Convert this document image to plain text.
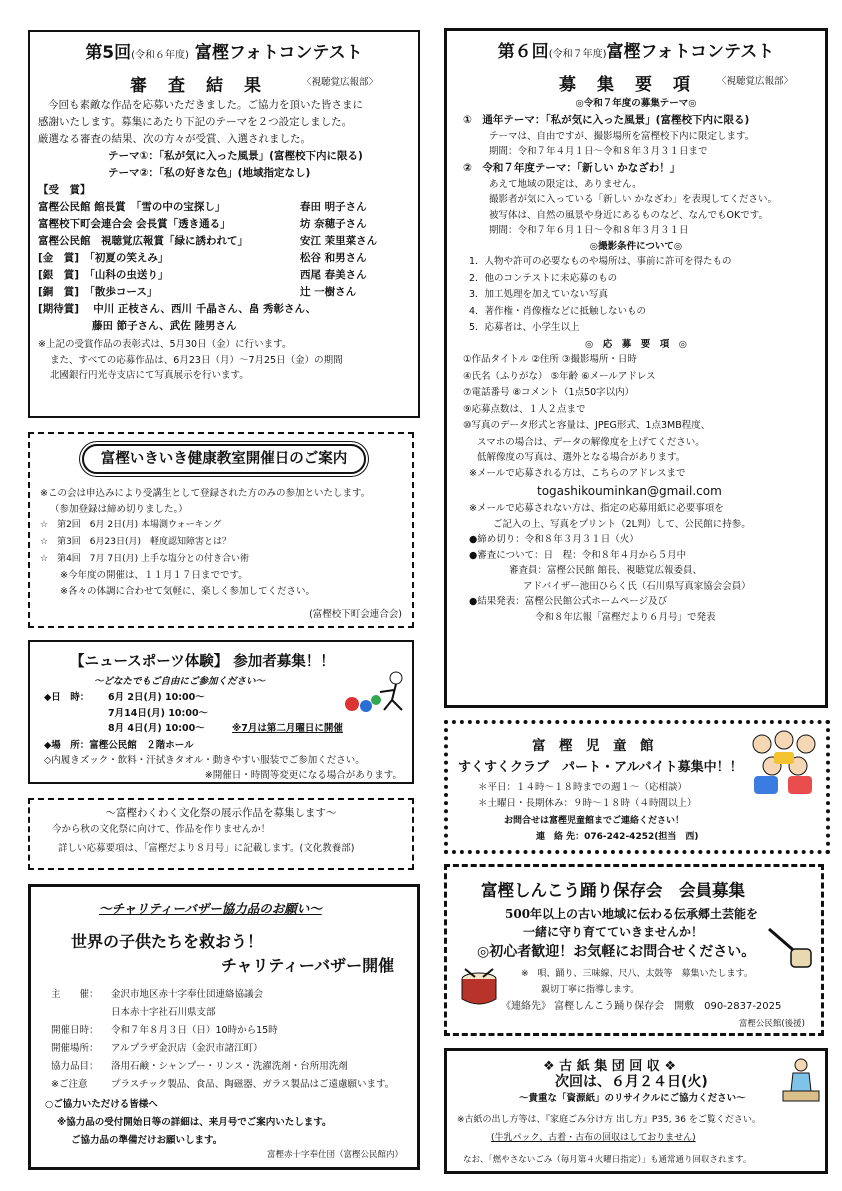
第5回(令和６年度) 富樫フォトコンテスト
審　査　結　果	〈視聴覚広報部〉
今回も素敵な作品を応募いただきました。ご協力を頂いた皆さまに
感謝いたします。募集にあたり下記のテーマを２つ設定しました。
厳選なる審査の結果、次の方々が受賞、入選されました。
テーマ①：「私が気に入った風景」(富樫校下内に限る)
テーマ②：「私の好きな色」(地域指定なし)
【受　賞】
富樫公民館 館長賞　「雪の中の宝探し」	春田 明子さん
富樫校下町会連合会 会長賞「透き通る」	坊 奈穂子さん
富樫公民館　視聴覚広報賞「緑に誘われて」	安江 茉里菜さん
[金　賞]　「初夏の笑えみ」	松谷 和男さん
[銀　賞]　「山科の虫送り」	西尾 春美さん
[銅　賞]　「散歩コース」	辻 一樹さん
[期待賞]　 中川 正枝さん、西川 千晶さん、畠 秀彰さん、
藤田 節子さん、武佐 陸男さん
※上記の受賞作品の表彰式は、5月30日（金）に行います。
また、すべての応募作品は、6月23日（月）〜7月25日（金）の期間
北國銀行円光寺支店にて写真展示を行います。
富樫いきいき健康教室開催日のご案内
※この会は申込みにより受講生として登録された方のみの参加といたします。
（参加登録は締め切りました。）
☆　第2回　6月 2日(月) 本場測ウォーキング
☆　第3回　6月23日(月)　軽度認知障害とは？
☆　第4回　7月 7日(月) 上手な塩分との付き合い術
※今年度の開催は、１１月１７日までです。
※各々の体調に合わせて気軽に、楽しく参加してください。
(富樫校下町会連合会)
【ニュースポーツ体験】 参加者募集！！
〜どなたでもご自由にご参加ください〜
◆日　時： 6月 2日(月) 10:00〜
7月14日(月) 10:00〜
8月 4日(月) 10:00〜	※7月は第二月曜日に開催
◆場　所：富樫公民館　２階ホール
◇内履きズック・飲料・汗拭きタオル・動きやすい服装でご参加ください。
※開催日・時間等変更になる場合があります。
〜富樫わくわく文化祭の展示作品を募集します〜
今から秋の文化祭に向けて、作品を作りませんか！
詳しい応募要項は、「富樫だより８月号」に記載します。(文化教養部)
〜チャリティーバザー協力品のお願い〜
世界の子供たちを救おう！
チャリティーバザー開催
主　　催： 金沢市地区赤十字奉仕団連絡協議会
日本赤十字社石川県支部
開催日時： 令和７年８月３日（日）10時から15時
開催場所： アルプラザ金沢店（金沢市諸江町）
協力品目： 洛用石鹸・シャンプー・リンス・洗濯洗剤・台所用洗剤
※ご注意 プラスチック製品、食品、陶磁器、ガラス製品はご遠慮願います。
○ご協力いただける皆様へ
※協力品の受付開始日等の詳細は、来月号でご案内いたします。
ご協力品の準備だけお願いします。
富樫赤十字奉仕団（富樫公民館内）
第６回(令和７年度)富樫フォトコンテスト
募　集　要　項	〈視聴覚広報部〉
◎令和７年度の募集テーマ◎
①　通年テーマ：「私が気に入った風景」(富樫校下内に限る)
テーマは、自由ですが、撮影場所を富樫校下内に限定します。
期間：令和７年４月１日〜令和８年３月３１日まで
②　令和７年度テーマ：「新しい かなざわ！」
あえて地域の限定は、ありません。
撮影者が気に入っている「新しい かなざわ」を表現してください。
被写体は、自然の風景や身近にあるものなど、なんでもOKです。
期間：令和７年６月１日〜令和８年３月３１日
◎撮影条件について◎
1．人物や許可の必要なものや場所は、事前に許可を得たもの
2．他のコンテストに未応募のもの
3．加工処理を加えていない写真
4．著作権・肖像権などに抵触しないもの
5．応募者は、小学生以上
◎　応　募　要　項　◎
①作品タイトル ②住所 ③撮影場所・日時
④氏名（ふりがな） ⑤年齢 ⑥メールアドレス
⑦電話番号 ⑧コメント（1点50字以内）
⑨応募点数は、１人２点まで
⑩写真のデータ形式と容量は、JPEG形式、1点3MB程度、
スマホの場合は、データの解像度を上げてください。
低解像度の写真は、選外となる場合があります。
※メールで応募される方は、こちらのアドレスまで
togashikouminkan@gmail.com
※メールで応募されない方は、指定の応募用紙に必要事項を
ご記入の上、写真をプリント（2L判）して、公民館に持参。
●締め切り：令和８年３月３１日（火）
●審査について：日　程：令和８年４月から５月中
審査員：富樫公民館 館長、視聴覚広報委員、
アドバイザー池田ひらく氏（石川県写真家協会会員）
●結果発表：富樫公民館公式ホームページ及び
令和８年広報「富樫だより６月号」で発表
富　樫　児　童　館
すくすくクラブ　パート・アルバイト募集中！！
＊平日：１４時〜１８時までの週１〜（応相談）
＊土曜日・長期休み：９時〜１８時（４時間以上）
お問合せは富樫児童館までご連絡ください！
連　絡 先：076-242-4252(担当　西)
富樫しんこう踊り保存会　会員募集
500年以上の古い地域に伝わる伝承郷土芸能を
一緒に守り育てていきませんか！
◎初心者歓迎！お気軽にお問合せください。
※　唄、踊り、三味線、尺八、太鼓等　募集いたします。
親切丁寧に指導します。
《連絡先》 富樫しんこう踊り保存会　開敷　090-2837-2025
富樫公民館(後援)
❖ 古 紙 集 団 回 収 ❖
次回は、６月２４日(火)
〜貴重な「資源紙」のリサイクルにご協力ください〜
※古紙の出し方等は、『家庭ごみ分け方 出し方』P35, 36 をご覧ください。
(牛乳パック、古着・古布の回収はしておりません)
なお、「燃やさないごみ（毎月第４火曜日指定）」も通常通り回収されます。
